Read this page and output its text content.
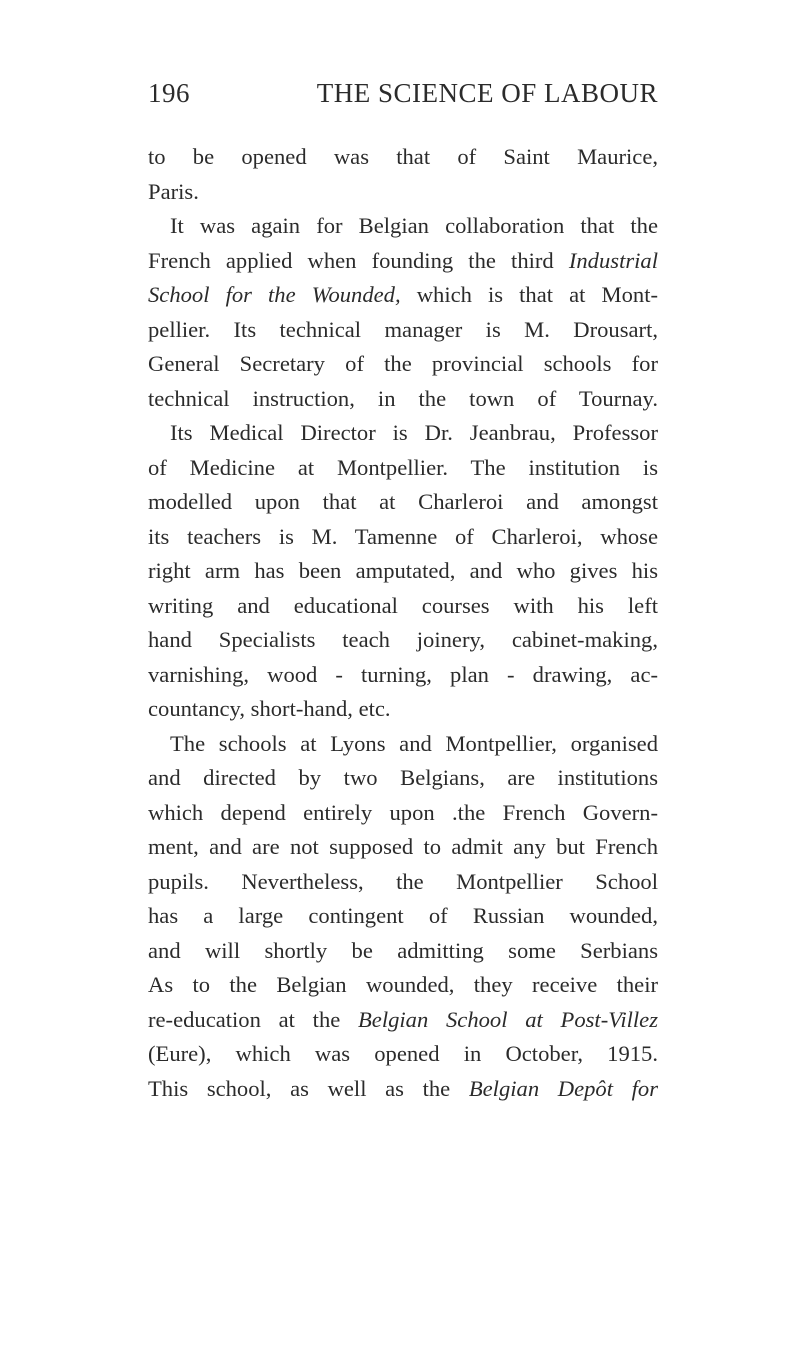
196	THE SCIENCE OF LABOUR
to be opened was that of Saint Maurice,
Paris.
It was again for Belgian collaboration that the
French applied when founding the third Industrial
School for the Wounded, which is that at Mont-
pellier. Its technical manager is M. Drousart,
General Secretary of the provincial schools for
technical instruction, in the town of Tournay.
Its Medical Director is Dr. Jeanbrau, Professor
of Medicine at Montpellier. The institution is
modelled upon that at Charleroi and amongst
its teachers is M. Tamenne of Charleroi, whose
right arm has been amputated, and who gives his
writing and educational courses with his left
hand Specialists teach joinery, cabinet-making,
varnishing, wood - turning, plan - drawing, ac-
countancy, short-hand, etc.
The schools at Lyons and Montpellier, organised
and directed by two Belgians, are institutions
which depend entirely upon .the French Govern-
ment, and are not supposed to admit any but French
pupils. Nevertheless, the Montpellier School
has a large contingent of Russian wounded,
and will shortly be admitting some Serbians
As to the Belgian wounded, they receive their
re-education at the Belgian School at Post-Villez
(Eure), which was opened in October, 1915.
This school, as well as the Belgian Depôt for
